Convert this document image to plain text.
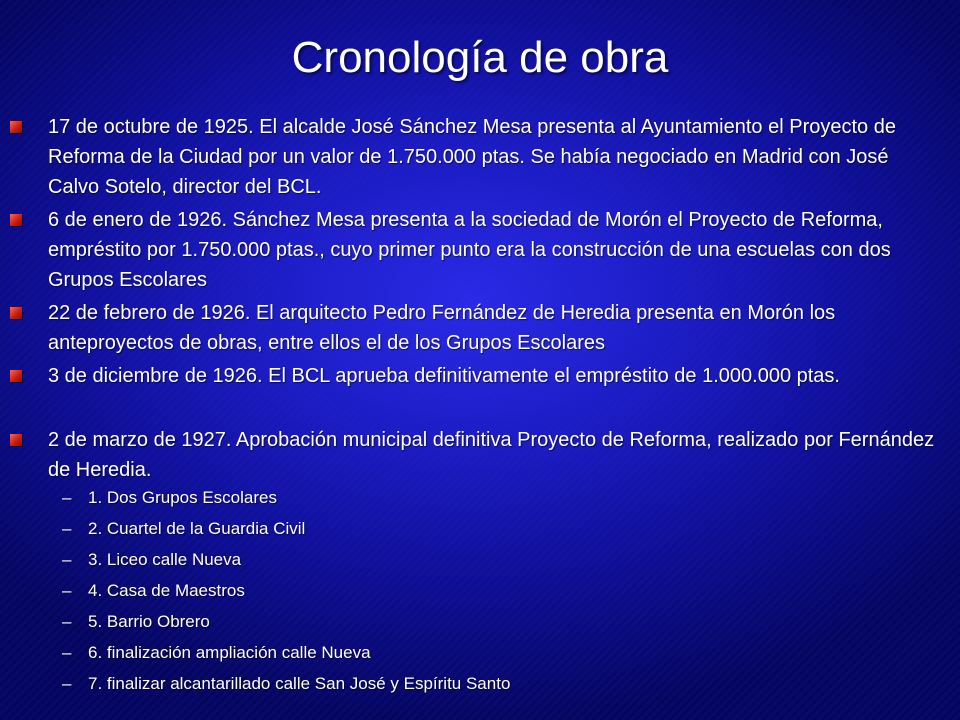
Cronología de obra
17 de octubre de 1925. El alcalde José Sánchez Mesa presenta al Ayuntamiento el Proyecto de Reforma de la Ciudad por un valor de 1.750.000 ptas. Se había negociado en Madrid con José Calvo Sotelo, director del BCL.
6 de enero de 1926. Sánchez Mesa presenta a la sociedad de Morón el Proyecto de Reforma, empréstito por 1.750.000 ptas., cuyo primer punto era la construcción de una escuelas con dos Grupos Escolares
22 de febrero de 1926. El arquitecto Pedro Fernández de Heredia presenta en Morón los anteproyectos de obras, entre ellos el de los Grupos Escolares
3 de diciembre de 1926. El BCL aprueba definitivamente el empréstito de 1.000.000 ptas.
2 de marzo de 1927. Aprobación municipal definitiva Proyecto de Reforma, realizado por Fernández de Heredia.
– 1. Dos Grupos Escolares
– 2. Cuartel de la Guardia Civil
– 3. Liceo calle Nueva
– 4. Casa de Maestros
– 5. Barrio Obrero
– 6. finalización ampliación calle Nueva
– 7. finalizar alcantarillado calle San José y Espíritu Santo
